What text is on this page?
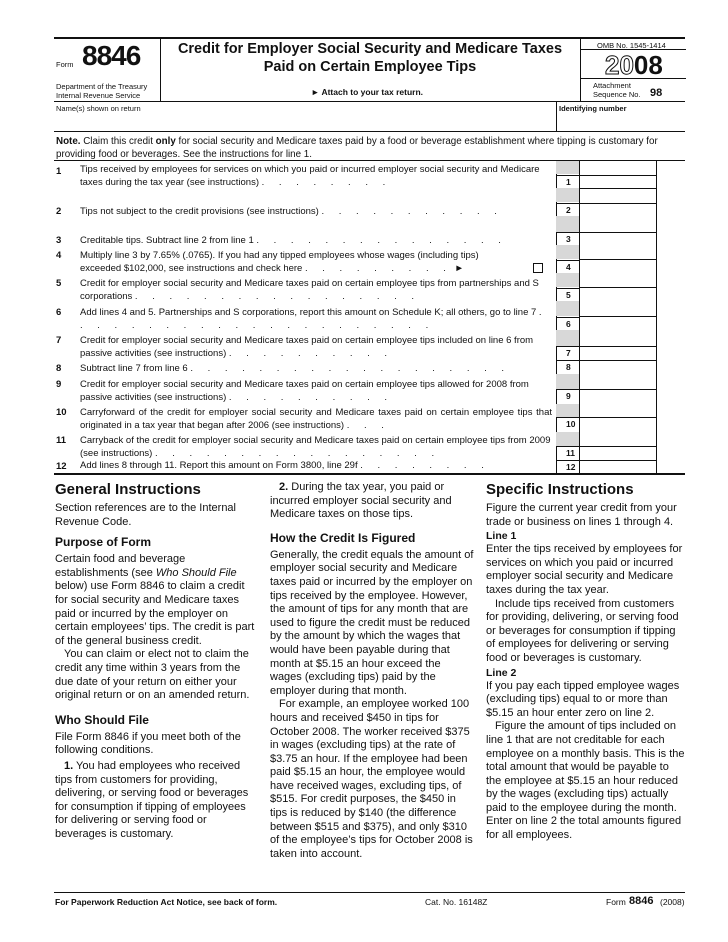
Form 8846
Department of the Treasury
Internal Revenue Service
Credit for Employer Social Security and Medicare Taxes
Paid on Certain Employee Tips
► Attach to your tax return.
OMB No. 1545-1414
2008
Attachment
Sequence No. 98
Name(s) shown on return	Identifying number
Note. Claim this credit only for social security and Medicare taxes paid by a food or beverage establishment where tipping is customary for providing food or beverages. See the instructions for line 1.
1 Tips received by employees for services on which you paid or incurred employer social security and Medicare taxes during the tax year (see instructions) . . . . . . . .	1
2 Tips not subject to the credit provisions (see instructions) . . . . . . . . . . .	2
3 Creditable tips. Subtract line 2 from line 1 . . . . . . . . . . . . . . .	3
4 Multiply line 3 by 7.65% (.0765). If you had any tipped employees whose wages (including tips) exceeded $102,000, see instructions and check here . . . . . . . . . ►	4
5 Credit for employer social security and Medicare taxes paid on certain employee tips from partnerships and S corporations . . . . . . . . . . . . . . . . .	5
6 Add lines 4 and 5. Partnerships and S corporations, report this amount on Schedule K; all others, go to line 7 . . . . . . . . . . . . . . . . . . . . . .	6
7 Credit for employer social security and Medicare taxes paid on certain employee tips included on line 6 from passive activities (see instructions) . . . . . . . . . .	7
8 Subtract line 7 from line 6 . . . . . . . . . . . . . . . . . . .	8
9 Credit for employer social security and Medicare taxes paid on certain employee tips allowed for 2008 from passive activities (see instructions) . . . . . . . . . .	9
10 Carryforward of the credit for employer social security and Medicare taxes paid on certain employee tips that originated in a tax year that began after 2006 (see instructions) . . .	10
11 Carryback of the credit for employer social security and Medicare taxes paid on certain employee tips from 2009 (see instructions) . . . . . . . . . . . . . . . . .	11
12 Add lines 8 through 11. Report this amount on Form 3800, line 29f . . . . . . . .	12
General Instructions

Section references are to the Internal Revenue Code.

Purpose of Form

Certain food and beverage establishments (see Who Should File below) use Form 8846 to claim a credit for social security and Medicare taxes paid or incurred by the employer on certain employees’ tips. The credit is part of the general business credit.

You can claim or elect not to claim the credit any time within 3 years from the due date of your return on either your original return or on an amended return.

Who Should File

File Form 8846 if you meet both of the following conditions.

1. You had employees who received tips from customers for providing, delivering, or serving food or beverages for consumption if tipping of employees for delivering or serving food or beverages is customary.

2. During the tax year, you paid or incurred employer social security and Medicare taxes on those tips.

How the Credit Is Figured

Generally, the credit equals the amount of employer social security and Medicare taxes paid or incurred by the employer on tips received by the employee. However, the amount of tips for any month that are used to figure the credit must be reduced by the amount by which the wages that would have been payable during that month at $5.15 an hour exceed the wages (excluding tips) paid by the employer during that month.

For example, an employee worked 100 hours and received $450 in tips for October 2008. The worker received $375 in wages (excluding tips) at the rate of $3.75 an hour. If the employee had been paid $5.15 an hour, the employee would have received wages, excluding tips, of $515. For credit purposes, the $450 in tips is reduced by $140 (the difference between $515 and $375), and only $310 of the employee’s tips for October 2008 is taken into account.

Specific Instructions

Figure the current year credit from your trade or business on lines 1 through 4.

Line 1

Enter the tips received by employees for services on which you paid or incurred employer social security and Medicare taxes during the tax year.

Include tips received from customers for providing, delivering, or serving food or beverages for consumption if tipping of employees for delivering or serving food or beverages is customary.

Line 2

If you pay each tipped employee wages (excluding tips) equal to or more than $5.15 an hour enter zero on line 2.

Figure the amount of tips included on line 1 that are not creditable for each employee on a monthly basis. This is the total amount that would be payable to the employee at $5.15 an hour reduced by the wages (excluding tips) actually paid to the employee during the month. Enter on line 2 the total amounts figured for all employees.

For Paperwork Reduction Act Notice, see back of form.	Cat. No. 16148Z	Form 8846 (2008)
